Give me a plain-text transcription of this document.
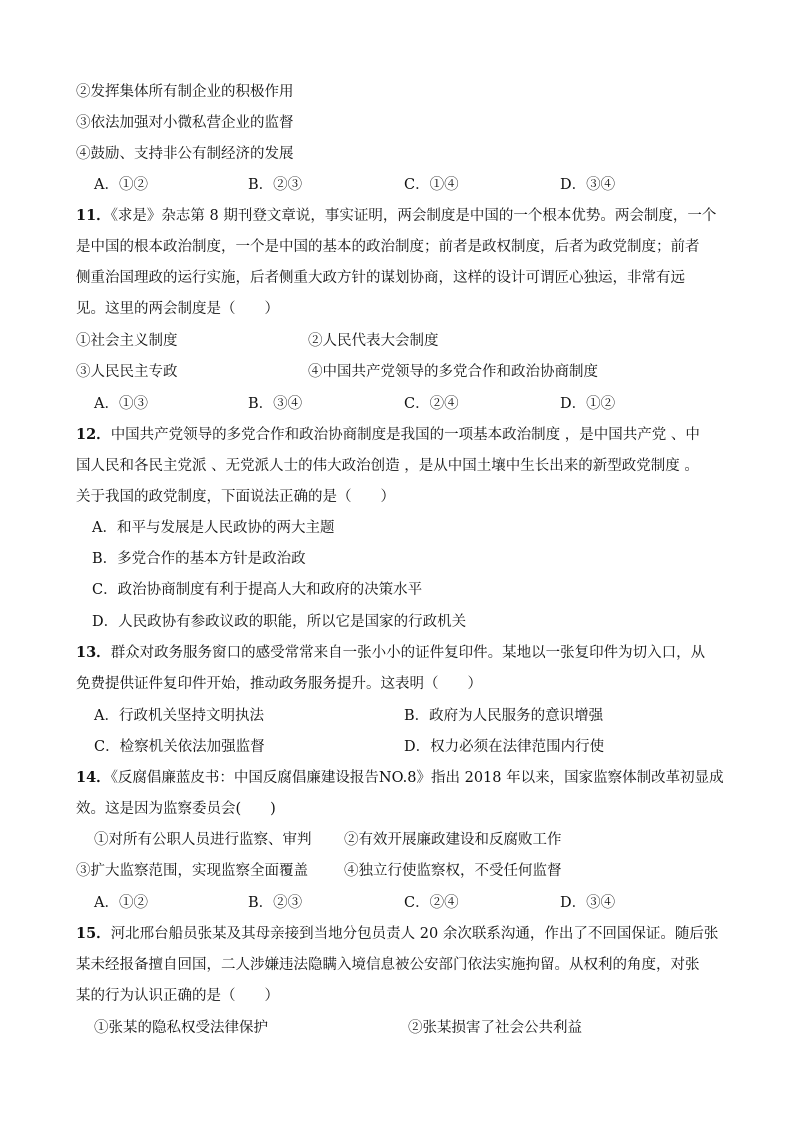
②发挥集体所有制企业的积极作用
③依法加强对小微私营企业的监督
④鼓励、支持非公有制经济的发展
A．①②	B．②③	C．①④	D．③④
11．《求是》杂志第 8 期刊登文章说，事实证明，两会制度是中国的一个根本优势。两会制度，一个
是中国的根本政治制度，一个是中国的基本的政治制度；前者是政权制度，后者为政党制度；前者
侧重治国理政的运行实施，后者侧重大政方针的谋划协商，这样的设计可谓匠心独运，非常有远
见。这里的两会制度是（　　）
①社会主义制度	②人民代表大会制度
③人民民主专政	④中国共产党领导的多党合作和政治协商制度
A．①③	B．③④	C．②④	D．①②
12．中国共产党领导的多党合作和政治协商制度是我国的一项基本政治制度 ，是中国共产党 、中
国人民和各民主党派 、无党派人士的伟大政治创造 ，是从中国土壤中生长出来的新型政党制度 。
关于我国的政党制度，下面说法正确的是（　　）
A．和平与发展是人民政协的两大主题
B．多党合作的基本方针是政治政
C．政治协商制度有利于提高人大和政府的决策水平
D．人民政协有参政议政的职能，所以它是国家的行政机关
13．群众对政务服务窗口的感受常常来自一张小小的证件复印件。某地以一张复印件为切入口，从
免费提供证件复印件开始，推动政务服务提升。这表明（　　）
A．行政机关坚持文明执法	B．政府为人民服务的意识增强
C．检察机关依法加强监督	D．权力必须在法律范围内行使
14．《反腐倡廉蓝皮书：中国反腐倡廉建设报告NO.8》指出 2018 年以来，国家监察体制改革初显成
效。这是因为监察委员会(　　)
①对所有公职人员进行监察、审判 ②有效开展廉政建设和反腐败工作
③扩大监察范围，实现监察全面覆盖 ④独立行使监察权，不受任何监督
A．①②	B．②③	C．②④	D．③④
15．河北邢台船员张某及其母亲接到当地分包员责人 20 余次联系沟通，作出了不回国保证。随后张
某未经报备擅自回国，二人涉嫌违法隐瞒入境信息被公安部门依法实施拘留。从权利的角度，对张
某的行为认识正确的是（　　）
①张某的隐私权受法律保护	②张某损害了社会公共利益
